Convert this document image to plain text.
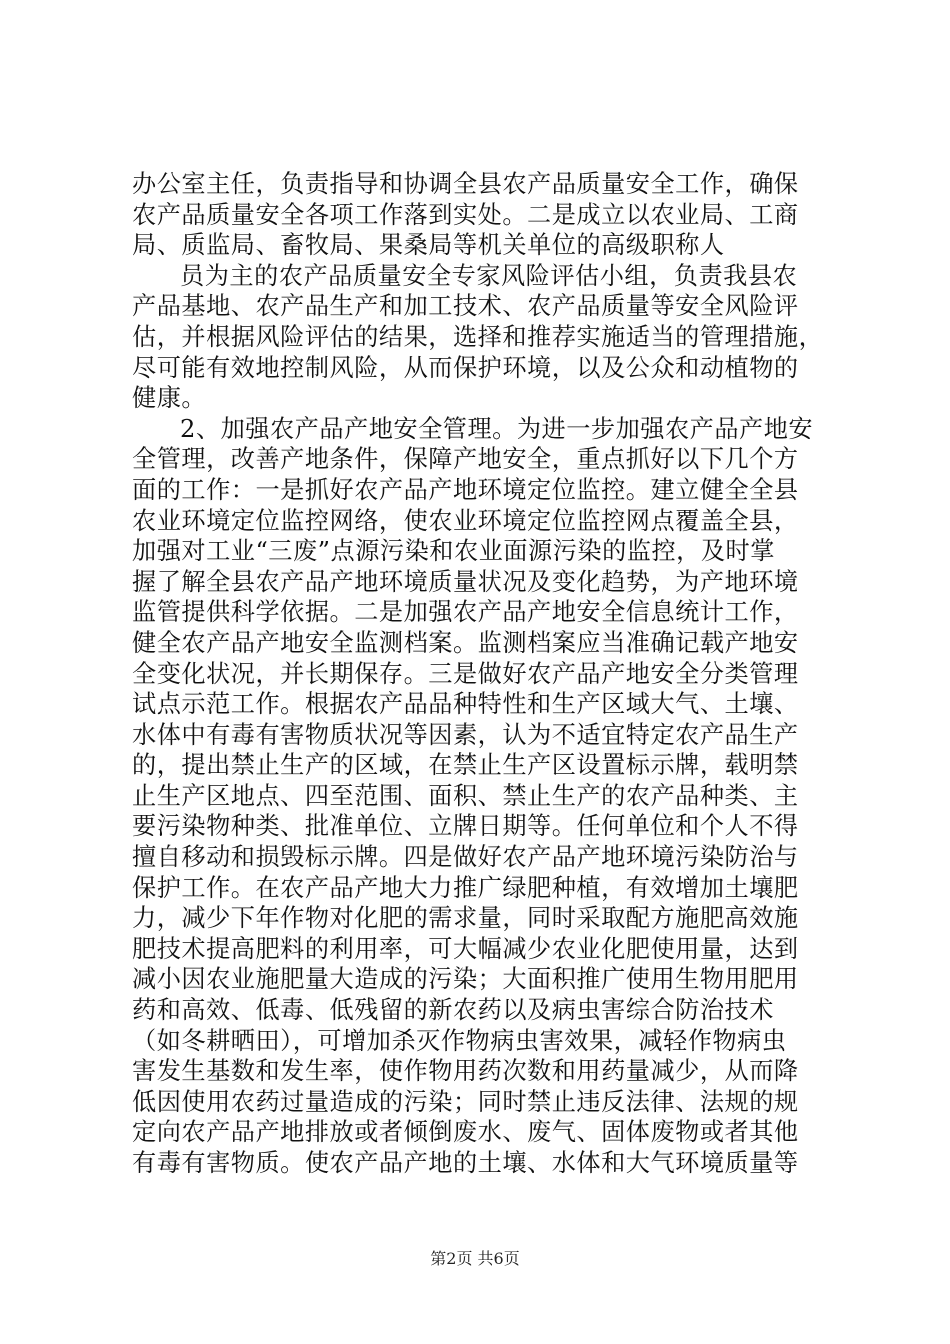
办公室主任，负责指导和协调全县农产品质量安全工作，确保
农产品质量安全各项工作落到实处。二是成立以农业局、工商
局、质监局、畜牧局、果桑局等机关单位的高级职称人
员为主的农产品质量安全专家风险评估小组，负责我县农
产品基地、农产品生产和加工技术、农产品质量等安全风险评
估，并根据风险评估的结果，选择和推荐实施适当的管理措施，
尽可能有效地控制风险，从而保护环境，以及公众和动植物的
健康。
2、加强农产品产地安全管理。为进一步加强农产品产地安
全管理，改善产地条件，保障产地安全，重点抓好以下几个方
面的工作：一是抓好农产品产地环境定位监控。建立健全全县
农业环境定位监控网络，使农业环境定位监控网点覆盖全县，
加强对工业“三废”点源污染和农业面源污染的监控，及时掌
握了解全县农产品产地环境质量状况及变化趋势，为产地环境
监管提供科学依据。二是加强农产品产地安全信息统计工作，
健全农产品产地安全监测档案。监测档案应当准确记载产地安
全变化状况，并长期保存。三是做好农产品产地安全分类管理
试点示范工作。根据农产品品种特性和生产区域大气、土壤、
水体中有毒有害物质状况等因素，认为不适宜特定农产品生产
的，提出禁止生产的区域，在禁止生产区设置标示牌，载明禁
止生产区地点、四至范围、面积、禁止生产的农产品种类、主
要污染物种类、批准单位、立牌日期等。任何单位和个人不得
擅自移动和损毁标示牌。四是做好农产品产地环境污染防治与
保护工作。在农产品产地大力推广绿肥种植，有效增加土壤肥
力，减少下年作物对化肥的需求量，同时采取配方施肥高效施
肥技术提高肥料的利用率，可大幅减少农业化肥使用量，达到
减小因农业施肥量大造成的污染；大面积推广使用生物用肥用
药和高效、低毒、低残留的新农药以及病虫害综合防治技术
（如冬耕晒田），可增加杀灭作物病虫害效果，减轻作物病虫
害发生基数和发生率，使作物用药次数和用药量减少，从而降
低因使用农药过量造成的污染；同时禁止违反法律、法规的规
定向农产品产地排放或者倾倒废水、废气、固体废物或者其他
有毒有害物质。使农产品产地的土壤、水体和大气环境质量等
第2页 共6页
